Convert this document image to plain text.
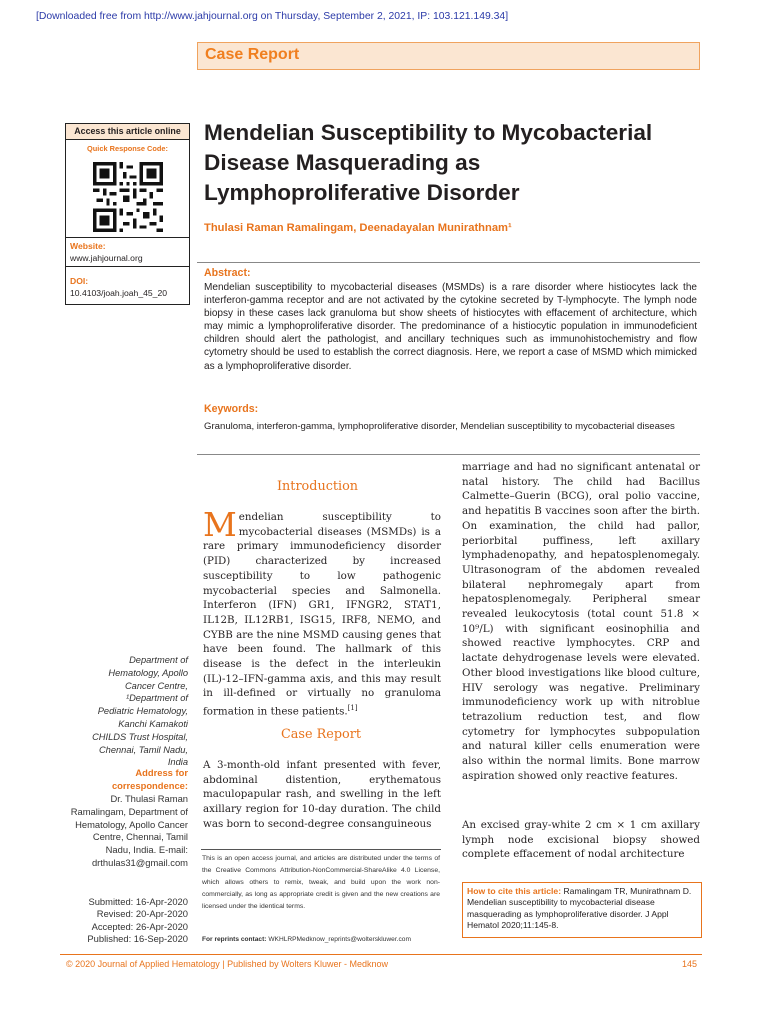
[Downloaded free from http://www.jahjournal.org on Thursday, September 2, 2021, IP: 103.121.149.34]
Case Report
Access this article online
Quick Response Code:
Website:
www.jahjournal.org
DOI:
10.4103/joah.joah_45_20
Mendelian Susceptibility to Mycobacterial Disease Masquerading as Lymphoproliferative Disorder
Thulasi Raman Ramalingam, Deenadayalan Munirathnam¹
Abstract:
Mendelian susceptibility to mycobacterial diseases (MSMDs) is a rare disorder where histiocytes lack the interferon-gamma receptor and are not activated by the cytokine secreted by T-lymphocyte. The lymph node biopsy in these cases lack granuloma but show sheets of histiocytes with effacement of architecture, which may mimic a lymphoproliferative disorder. The predominance of a histiocytic population in immunodeficient children should alert the pathologist, and ancillary techniques such as immunohistochemistry and flow cytometry should be used to establish the correct diagnosis. Here, we report a case of MSMD which mimicked as a lymphoproliferative disorder.
Keywords:
Granuloma, interferon-gamma, lymphoproliferative disorder, Mendelian susceptibility to mycobacterial diseases
Introduction
Mendelian susceptibility to mycobacterial diseases (MSMDs) is a rare primary immunodeficiency disorder (PID) characterized by increased susceptibility to low pathogenic mycobacterial species and Salmonella. Interferon (IFN) GR1, IFNGR2, STAT1, IL12B, IL12RB1, ISG15, IRF8, NEMO, and CYBB are the nine MSMD causing genes that have been found. The hallmark of this disease is the defect in the interleukin (IL)-12–IFN-gamma axis, and this may result in ill-defined or virtually no granuloma formation in these patients.[1]
Case Report
A 3-month-old infant presented with fever, abdominal distention, erythematous maculopapular rash, and swelling in the left axillary region for 10-day duration. The child was born to second-degree consanguineous
marriage and had no significant antenatal or natal history. The child had Bacillus Calmette–Guerin (BCG), oral polio vaccine, and hepatitis B vaccines soon after the birth. On examination, the child had pallor, periorbital puffiness, left axillary lymphadenopathy, and hepatosplenomegaly. Ultrasonogram of the abdomen revealed bilateral nephromegaly apart from hepatosplenomegaly. Peripheral smear revealed leukocytosis (total count 51.8 × 10⁹/L) with significant eosinophilia and showed reactive lymphocytes. CRP and lactate dehydrogenase levels were elevated. Other blood investigations like blood culture, HIV serology was negative. Preliminary immunodeficiency work up with nitroblue tetrazolium reduction test, and flow cytometry for lymphocytes subpopulation and natural killer cells enumeration were also within the normal limits. Bone marrow aspiration showed only reactive features.
An excised gray-white 2 cm × 1 cm axillary lymph node excisional biopsy showed complete effacement of nodal architecture
Department of Hematology, Apollo Cancer Centre, ¹Department of Pediatric Hematology, Kanchi Kamakoti CHILDS Trust Hospital, Chennai, Tamil Nadu, India
Address for correspondence:
Dr. Thulasi Raman Ramalingam, Department of Hematology, Apollo Cancer Centre, Chennai, Tamil Nadu, India. E-mail: drthulas31@gmail.com
Submitted: 16-Apr-2020
Revised: 20-Apr-2020
Accepted: 26-Apr-2020
Published: 16-Sep-2020
This is an open access journal, and articles are distributed under the terms of the Creative Commons Attribution-NonCommercial-ShareAlike 4.0 License, which allows others to remix, tweak, and build upon the work non-commercially, as long as appropriate credit is given and the new creations are licensed under the identical terms.
For reprints contact: WKHLRPMedknow_reprints@wolterskluwer.com
How to cite this article: Ramalingam TR, Munirathnam D. Mendelian susceptibility to mycobacterial disease masquerading as lymphoproliferative disorder. J Appl Hematol 2020;11:145-8.
© 2020 Journal of Applied Hematology | Published by Wolters Kluwer - Medknow	145
